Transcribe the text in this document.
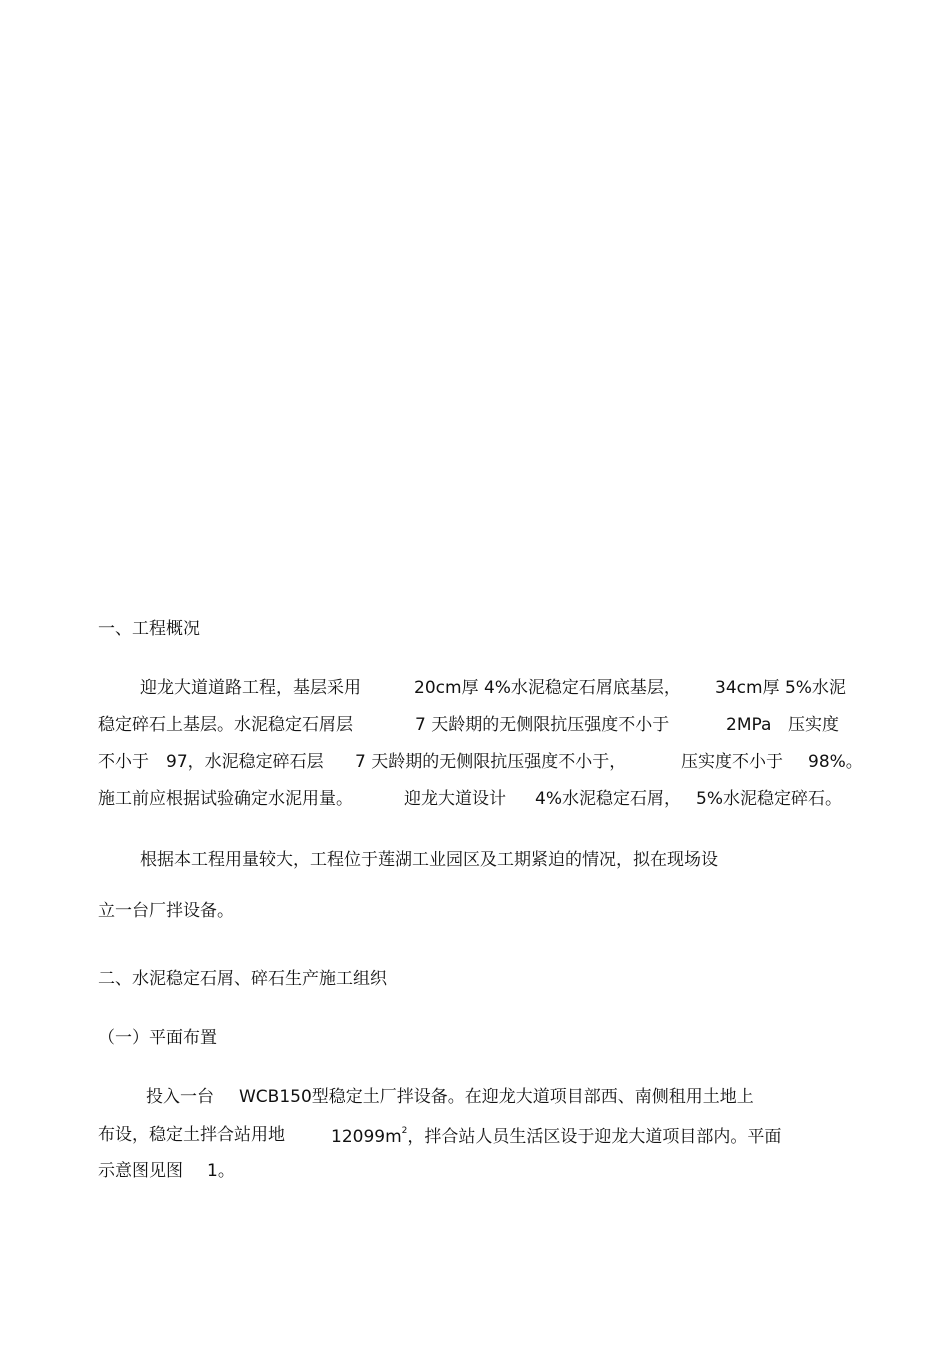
一、工程概况
迎龙大道道路工程，基层采用	20cm厚 4%水泥稳定石屑底基层， 34cm厚 5%水泥
稳定碎石上基层。水泥稳定石屑层	7 天龄期的无侧限抗压强度不小于	2MPa 压实度
不小于 97，水泥稳定碎石层 7 天龄期的无侧限抗压强度不小于，	压实度不小于 98%。
施工前应根据试验确定水泥用量。	迎龙大道设计 4%水泥稳定石屑， 5%水泥稳定碎石。
根据本工程用量较大，工程位于莲湖工业园区及工期紧迫的情况，拟在现场设
立一台厂拌设备。
二、水泥稳定石屑、碎石生产施工组织
（一）平面布置
投入一台 WCB150型稳定土厂拌设备。在迎龙大道项目部西、南侧租用土地上
布设，稳定土拌合站用地	$12099m^2$，拌合站人员生活区设于迎龙大道项目部内。平面
示意图见图 1。
